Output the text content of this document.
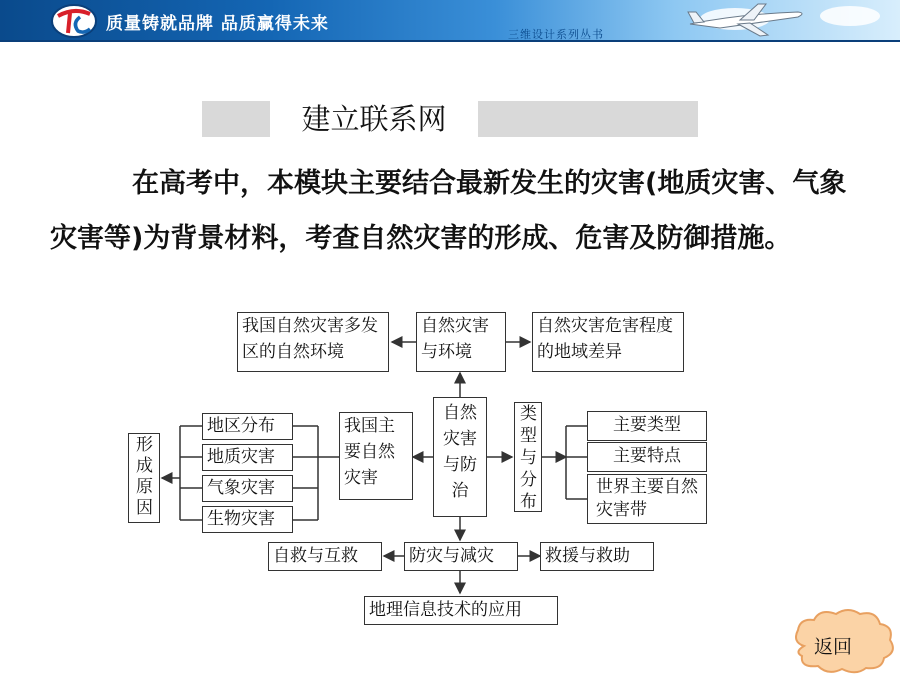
质量铸就品牌 品质赢得未来
三维设计系列丛书
建立联系网

在高考中，本模块主要结合最新发生的灾害(地质灾害、气象灾害等)为背景材料，考查自然灾害的形成、危害及防御措施。

我国自然灾害多发区的自然环境
自然灾害与环境
自然灾害危害程度的地域差异
自然灾害与防治
我国主要自然灾害
形成原因
地区分布
地质灾害
气象灾害
生物灾害
类型与分布
主要类型
主要特点
世界主要自然灾害带
防灾与减灾
自救与互救	救援与救助
地理信息技术的应用
返回
